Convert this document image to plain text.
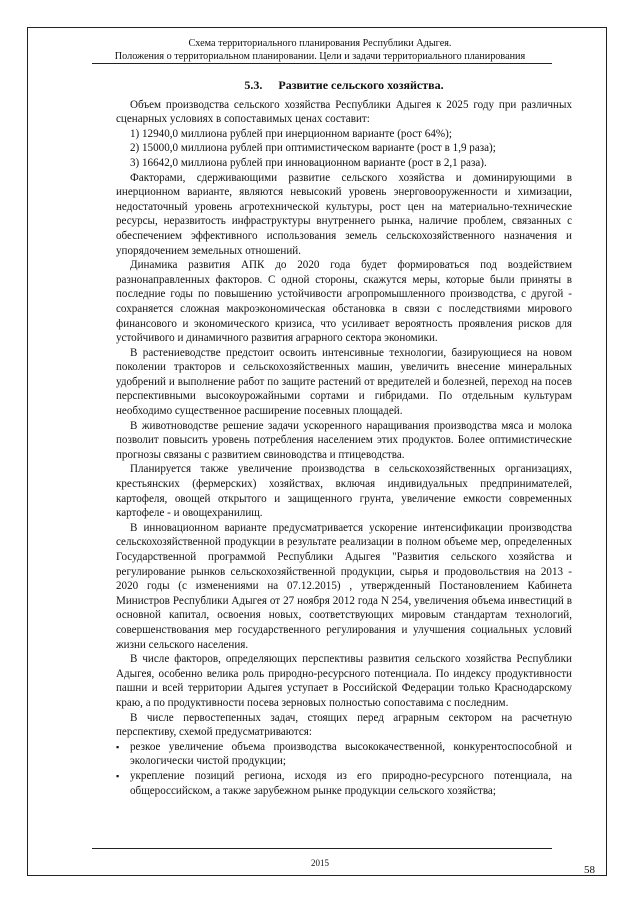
Схема территориального планирования Республики Адыгея.
Положения о территориальном планировании. Цели и задачи территориального планирования
5.3. Развитие сельского хозяйства.

Объем производства сельского хозяйства Республики Адыгея к 2025 году при различных сценарных условиях в сопоставимых ценах составит:

1) 12940,0 миллиона рублей при инерционном варианте (рост 64%);

2) 15000,0 миллиона рублей при оптимистическом варианте (рост в 1,9 раза);

3) 16642,0 миллиона рублей при инновационном варианте (рост в 2,1 раза).

Факторами, сдерживающими развитие сельского хозяйства и доминирующими в инерционном варианте, являются невысокий уровень энерговооруженности и химизации, недостаточный уровень агротехнической культуры, рост цен на материально-технические ресурсы, неразвитость инфраструктуры внутреннего рынка, наличие проблем, связанных с обеспечением эффективного использования земель сельскохозяйственного назначения и упорядочением земельных отношений.

Динамика развития АПК до 2020 года будет формироваться под воздействием разнонаправленных факторов. С одной стороны, скажутся меры, которые были приняты в последние годы по повышению устойчивости агропромышленного производства, с другой - сохраняется сложная макроэкономическая обстановка в связи с последствиями мирового финансового и экономического кризиса, что усиливает вероятность проявления рисков для устойчивого и динамичного развития аграрного сектора экономики.

В растениеводстве предстоит освоить интенсивные технологии, базирующиеся на новом поколении тракторов и сельскохозяйственных машин, увеличить внесение минеральных удобрений и выполнение работ по защите растений от вредителей и болезней, переход на посев перспективными высокоурожайными сортами и гибридами. По отдельным культурам необходимо существенное расширение посевных площадей.

В животноводстве решение задачи ускоренного наращивания производства мяса и молока позволит повысить уровень потребления населением этих продуктов. Более оптимистические прогнозы связаны с развитием свиноводства и птицеводства.

Планируется также увеличение производства в сельскохозяйственных организациях, крестьянских (фермерских) хозяйствах, включая индивидуальных предпринимателей, картофеля, овощей открытого и защищенного грунта, увеличение емкости современных картофеле - и овощехранилищ.

В инновационном варианте предусматривается ускорение интенсификации производства сельскохозяйственной продукции в результате реализации в полном объеме мер, определенных Государственной программой Республики Адыгея "Развития сельского хозяйства и регулирование рынков сельскохозяйственной продукции, сырья и продовольствия на 2013 - 2020 годы (с изменениями на 07.12.2015) , утвержденный Постановлением Кабинета Министров Республики Адыгея от 27 ноября 2012 года N 254, увеличения объема инвестиций в основной капитал, освоения новых, соответствующих мировым стандартам технологий, совершенствования мер государственного регулирования и улучшения социальных условий жизни сельского населения.

В числе факторов, определяющих перспективы развития сельского хозяйства Республики Адыгея, особенно велика роль природно-ресурсного потенциала. По индексу продуктивности пашни и всей территории Адыгея уступает в Российской Федерации только Краснодарскому краю, а по продуктивности посева зерновых полностью сопоставима с последним.

В числе первостепенных задач, стоящих перед аграрным сектором на расчетную перспективу, схемой предусматриваются:

▪ резкое увеличение объема производства высококачественной, конкурентоспособной и экологически чистой продукции;
▪ укрепление позиций региона, исходя из его природно-ресурсного потенциала, на общероссийском, а также зарубежном рынке продукции сельского хозяйства;
2015
58
